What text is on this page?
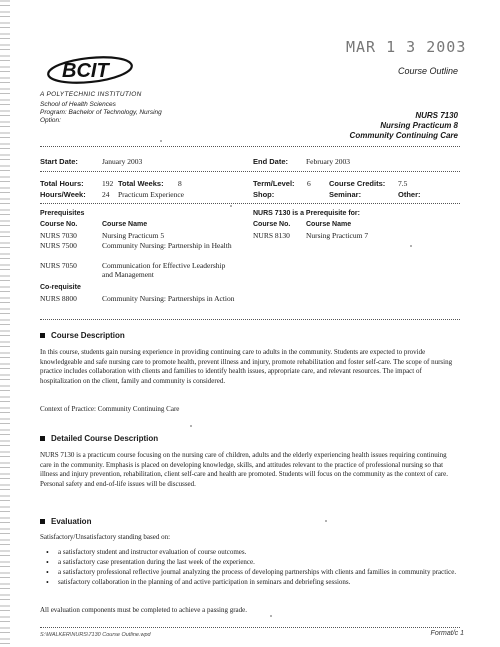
MAR 1 3 2003
BCIT	Course Outline
A POLYTECHNIC INSTITUTION
School of Health Sciences
Program: Bachelor of Technology, Nursing
Option:
NURS 7130
Nursing Practicum 8
Community Continuing Care
Start Date:	January 2003	End Date: February 2003
Total Hours: 192 Total Weeks: 8	Term/Level: 6 Course Credits: 7.5
Hours/Week: 24 Practicum Experience	Shop:	Seminar:	Other:
Prerequisites
Course No.	Course Name
NURS 7030	Nursing Practicum 5
NURS 7500	Community Nursing: Partnership in Health
NURS 7050	Communication for Effective Leadership and Management
Co-requisite
NURS 8800	Community Nursing: Partnerships in Action
NURS 7130 is a Prerequisite for:
Course No. Course Name
NURS 8130 Nursing Practicum 7
Course Description
In this course, students gain nursing experience in providing continuing care to adults in the community. Students are expected to provide knowledgeable and safe nursing care to promote health, prevent illness and injury, promote rehabilitation and foster self-care. The scope of nursing practice includes collaboration with clients and families to identify health issues, appropriate care, and relevant resources. The impact of hospitalization on the client, family and community is considered.
Context of Practice: Community Continuing Care
Detailed Course Description
NURS 7130 is a practicum course focusing on the nursing care of children, adults and the elderly experiencing health issues requiring continuing care in the community. Emphasis is placed on developing knowledge, skills, and attitudes relevant to the practice of professional nursing so that illness and injury prevention, rehabilitation, client self-care and health are promoted. Students will focus on the community as the context of care. Personal safety and end-of-life issues will be discussed.
Evaluation
Satisfactory/Unsatisfactory standing based on:
• a satisfactory student and instructor evaluation of course outcomes.
• a satisfactory case presentation during the last week of the experience.
• a satisfactory professional reflective journal analyzing the process of developing partnerships with clients and families in community practice.
• satisfactory collaboration in the planning of and active participation in seminars and debriefing sessions.
All evaluation components must be completed to achieve a passing grade.
S:\WALKER\NURS\7130 Course Outline.wpd	Format/c 1
